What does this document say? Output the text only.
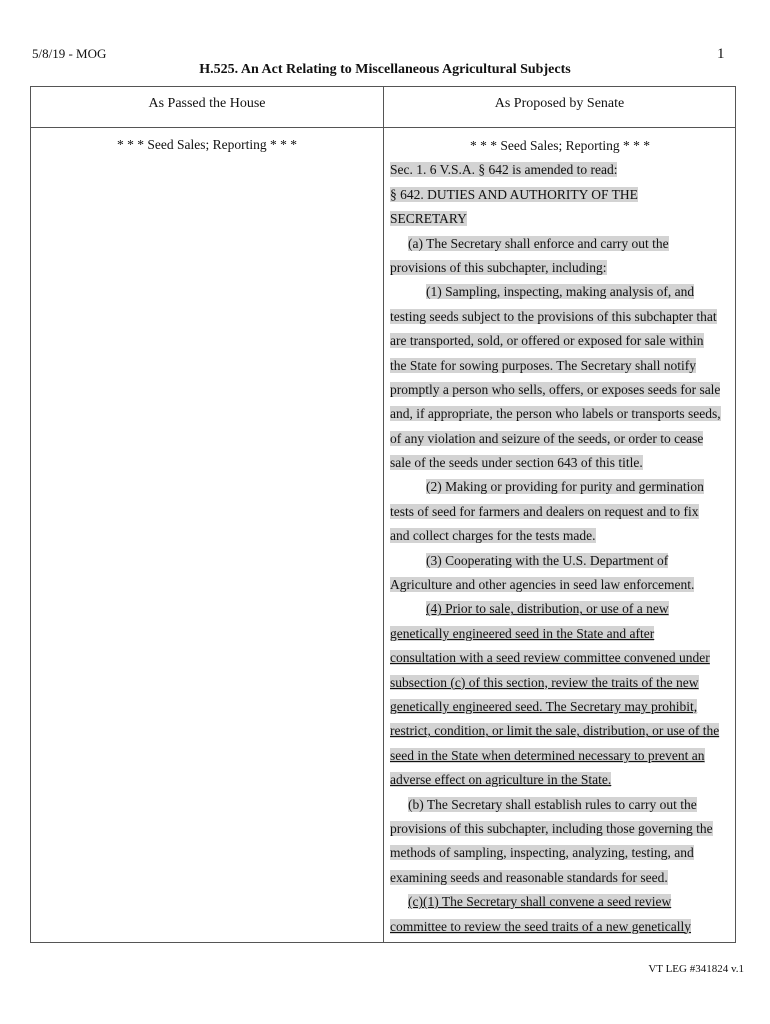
5/8/19 - MOG	1
H.525. An Act Relating to Miscellaneous Agricultural Subjects
As Passed the House	As Proposed by Senate
* * * Seed Sales; Reporting * * *	* * * Seed Sales; Reporting * * *
Sec. 1. 6 V.S.A. § 642 is amended to read:
§ 642. DUTIES AND AUTHORITY OF THE
SECRETARY
(a) The Secretary shall enforce and carry out the
provisions of this subchapter, including:
(1) Sampling, inspecting, making analysis of, and
testing seeds subject to the provisions of this subchapter that
are transported, sold, or offered or exposed for sale within
the State for sowing purposes. The Secretary shall notify
promptly a person who sells, offers, or exposes seeds for sale
and, if appropriate, the person who labels or transports seeds,
of any violation and seizure of the seeds, or order to cease
sale of the seeds under section 643 of this title.
(2) Making or providing for purity and germination
tests of seed for farmers and dealers on request and to fix
and collect charges for the tests made.
(3) Cooperating with the U.S. Department of
Agriculture and other agencies in seed law enforcement.
(4) Prior to sale, distribution, or use of a new
genetically engineered seed in the State and after
consultation with a seed review committee convened under
subsection (c) of this section, review the traits of the new
genetically engineered seed. The Secretary may prohibit,
restrict, condition, or limit the sale, distribution, or use of the
seed in the State when determined necessary to prevent an
adverse effect on agriculture in the State.
(b) The Secretary shall establish rules to carry out the
provisions of this subchapter, including those governing the
methods of sampling, inspecting, analyzing, testing, and
examining seeds and reasonable standards for seed.
(c)(1) The Secretary shall convene a seed review
committee to review the seed traits of a new genetically
VT LEG #341824 v.1
